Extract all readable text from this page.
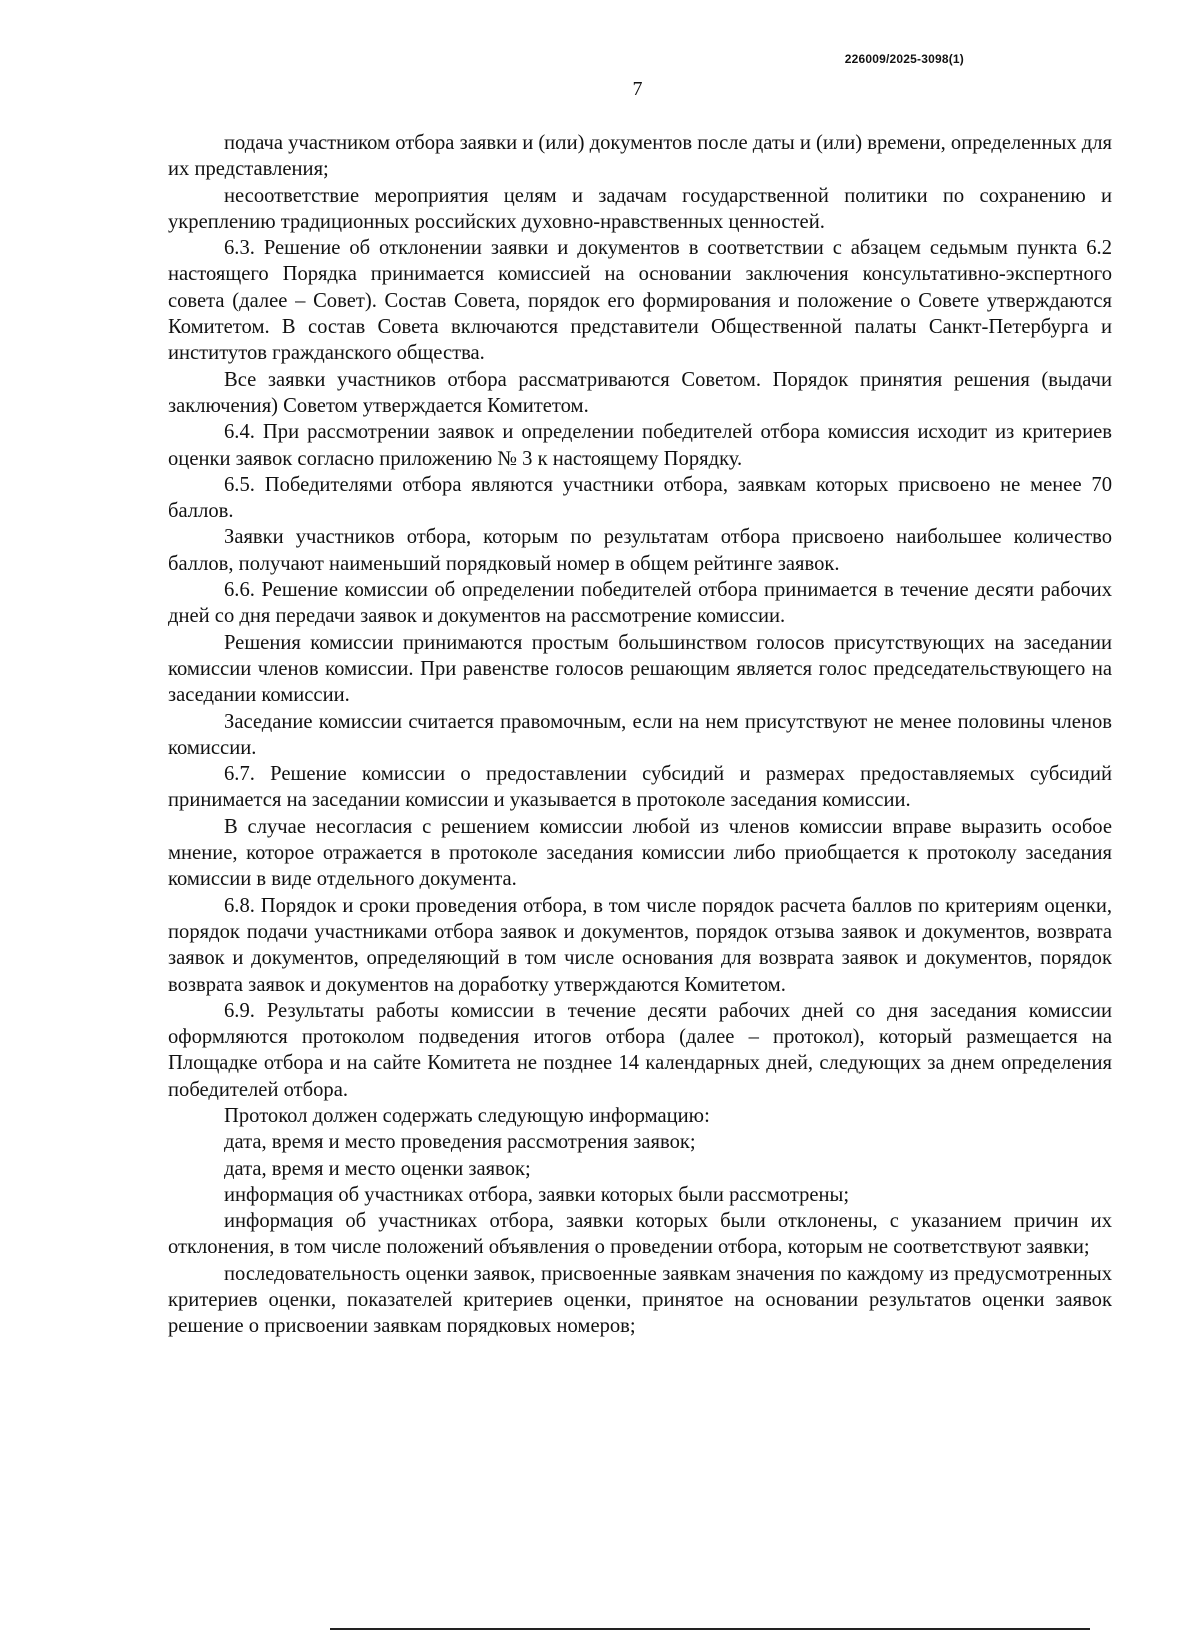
226009/2025-3098(1)
7

подача участником отбора заявки и (или) документов после даты и (или) времени, определенных для их представления;

несоответствие мероприятия целям и задачам государственной политики по сохранению и укреплению традиционных российских духовно-нравственных ценностей.

6.3. Решение об отклонении заявки и документов в соответствии с абзацем седьмым пункта 6.2 настоящего Порядка принимается комиссией на основании заключения консультативно-экспертного совета (далее – Совет). Состав Совета, порядок его формирования и положение о Совете утверждаются Комитетом. В состав Совета включаются представители Общественной палаты Санкт-Петербурга и институтов гражданского общества.

Все заявки участников отбора рассматриваются Советом. Порядок принятия решения (выдачи заключения) Советом утверждается Комитетом.

6.4. При рассмотрении заявок и определении победителей отбора комиссия исходит из критериев оценки заявок согласно приложению № 3 к настоящему Порядку.

6.5. Победителями отбора являются участники отбора, заявкам которых присвоено не менее 70 баллов.

Заявки участников отбора, которым по результатам отбора присвоено наибольшее количество баллов, получают наименьший порядковый номер в общем рейтинге заявок.

6.6. Решение комиссии об определении победителей отбора принимается в течение десяти рабочих дней со дня передачи заявок и документов на рассмотрение комиссии.

Решения комиссии принимаются простым большинством голосов присутствующих на заседании комиссии членов комиссии. При равенстве голосов решающим является голос председательствующего на заседании комиссии.

Заседание комиссии считается правомочным, если на нем присутствуют не менее половины членов комиссии.

6.7. Решение комиссии о предоставлении субсидий и размерах предоставляемых субсидий принимается на заседании комиссии и указывается в протоколе заседания комиссии.

В случае несогласия с решением комиссии любой из членов комиссии вправе выразить особое мнение, которое отражается в протоколе заседания комиссии либо приобщается к протоколу заседания комиссии в виде отдельного документа.

6.8. Порядок и сроки проведения отбора, в том числе порядок расчета баллов по критериям оценки, порядок подачи участниками отбора заявок и документов, порядок отзыва заявок и документов, возврата заявок и документов, определяющий в том числе основания для возврата заявок и документов, порядок возврата заявок и документов на доработку утверждаются Комитетом.

6.9. Результаты работы комиссии в течение десяти рабочих дней со дня заседания комиссии оформляются протоколом подведения итогов отбора (далее – протокол), который размещается на Площадке отбора и на сайте Комитета не позднее 14 календарных дней, следующих за днем определения победителей отбора.

Протокол должен содержать следующую информацию:

дата, время и место проведения рассмотрения заявок;

дата, время и место оценки заявок;

информация об участниках отбора, заявки которых были рассмотрены;

информация об участниках отбора, заявки которых были отклонены, с указанием причин их отклонения, в том числе положений объявления о проведении отбора, которым не соответствуют заявки;

последовательность оценки заявок, присвоенные заявкам значения по каждому из предусмотренных критериев оценки, показателей критериев оценки, принятое на основании результатов оценки заявок решение о присвоении заявкам порядковых номеров;
